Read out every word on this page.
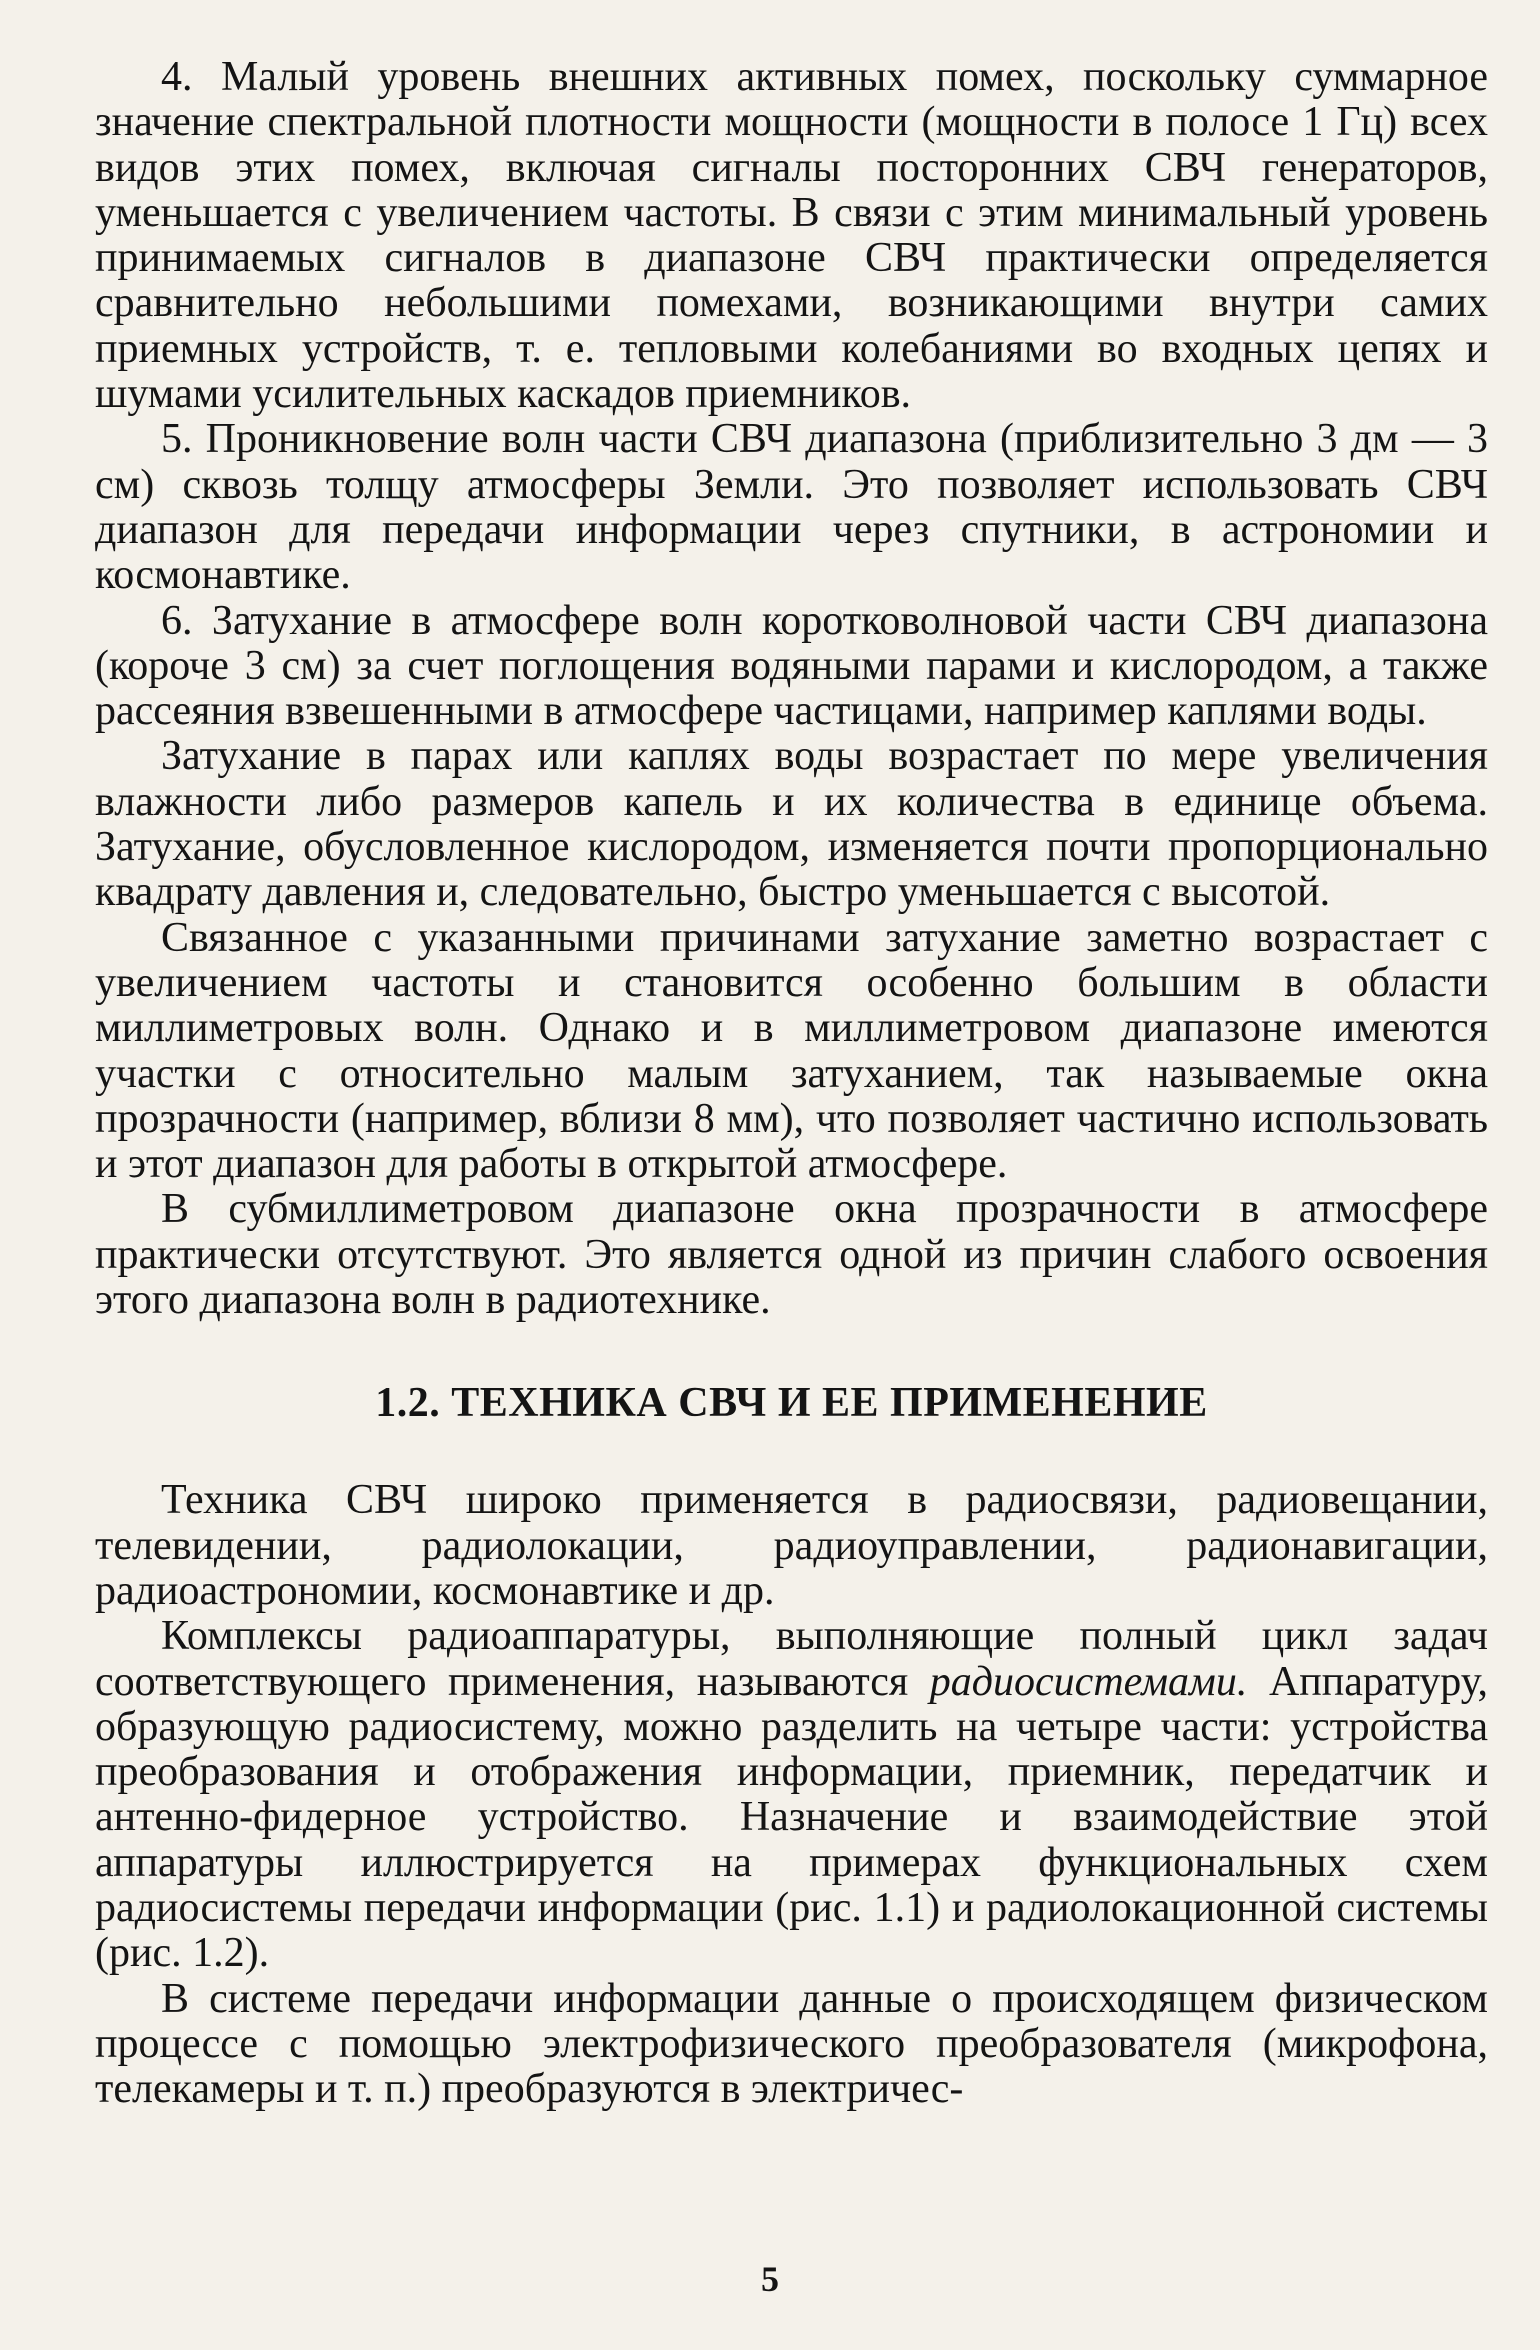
4. Малый уровень внешних активных помех, поскольку суммарное значение спектральной плотности мощности (мощности в полосе 1 Гц) всех видов этих помех, включая сигналы посторонних СВЧ генераторов, уменьшается с увеличением частоты. В связи с этим минимальный уровень принимаемых сигналов в диапазоне СВЧ практически определяется сравнительно небольшими помехами, возникающими внутри самих приемных устройств, т. е. тепловыми колебаниями во входных цепях и шумами усилительных каскадов приемников.

5. Проникновение волн части СВЧ диапазона (приблизительно 3 дм — 3 см) сквозь толщу атмосферы Земли. Это позволяет использовать СВЧ диапазон для передачи информации через спутники, в астрономии и космонавтике.

6. Затухание в атмосфере волн коротковолновой части СВЧ диапазона (короче 3 см) за счет поглощения водяными парами и кислородом, а также рассеяния взвешенными в атмосфере частицами, например каплями воды.

Затухание в парах или каплях воды возрастает по мере увеличения влажности либо размеров капель и их количества в единице объема. Затухание, обусловленное кислородом, изменяется почти пропорционально квадрату давления и, следовательно, быстро уменьшается с высотой.

Связанное с указанными причинами затухание заметно возрастает с увеличением частоты и становится особенно большим в области миллиметровых волн. Однако и в миллиметровом диапазоне имеются участки с относительно малым затуханием, так называемые окна прозрачности (например, вблизи 8 мм), что позволяет частично использовать и этот диапазон для работы в открытой атмосфере.

В субмиллиметровом диапазоне окна прозрачности в атмосфере практически отсутствуют. Это является одной из причин слабого освоения этого диапазона волн в радиотехнике.

1.2. ТЕХНИКА СВЧ И ЕЕ ПРИМЕНЕНИЕ

Техника СВЧ широко применяется в радиосвязи, радиовещании, телевидении, радиолокации, радиоуправлении, радионавигации, радиоастрономии, космонавтике и др.

Комплексы радиоаппаратуры, выполняющие полный цикл задач соответствующего применения, называются радиосистемами. Аппаратуру, образующую радиосистему, можно разделить на четыре части: устройства преобразования и отображения информации, приемник, передатчик и антенно-фидерное устройство. Назначение и взаимодействие этой аппаратуры иллюстрируется на примерах функциональных схем радиосистемы передачи информации (рис. 1.1) и радиолокационной системы (рис. 1.2).

В системе передачи информации данные о происходящем физическом процессе с помощью электрофизического преобразователя (микрофона, телекамеры и т. п.) преобразуются в электричес-

5
